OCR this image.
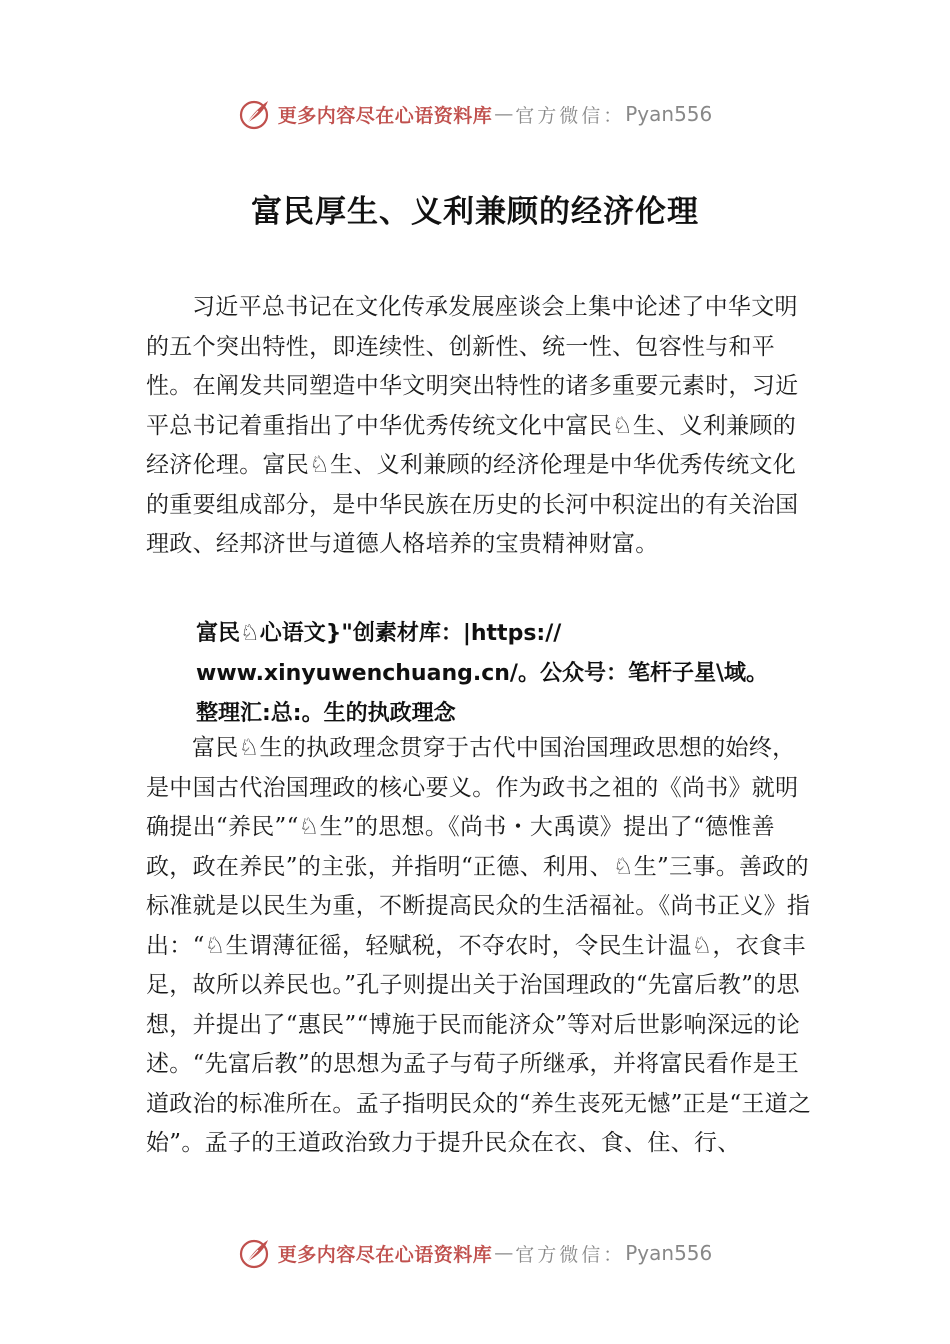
更多内容尽在心语资料库 — 官方微信： Pyan556
富民厚生、义利兼顾的经济伦理
习近平总书记在文化传承发展座谈会上集中论述了中华文明的五个突出特性，即连续性、创新性、统一性、包容性与和平性。在阐发共同塑造中华文明突出特性的诸多重要元素时，习近平总书记着重指出了中华优秀传统文化中富民♘生、义利兼顾的经济伦理。富民♘生、义利兼顾的经济伦理是中华优秀传统文化的重要组成部分，是中华民族在历史的长河中积淀出的有关治国理政、经邦济世与道德人格培养的宝贵精神财富。
富民♘心语文}"创素材库：|https://
www.xinyuwenchuang.cn/。公众号：笔杆子星\域。
整理汇:总:。生的执政理念
富民♘生的执政理念贯穿于古代中国治国理政思想的始终，是中国古代治国理政的核心要义。作为政书之祖的《尚书》就明确提出“养民”“♘生”的思想。《尚书・大禹谟》提出了“德惟善政，政在养民”的主张，并指明“正德、利用、♘生”三事。善政的标准就是以民生为重，不断提高民众的生活福祉。《尚书正义》指出：“♘生谓薄征徭，轻赋税，不夺农时，令民生计温♘，衣食丰足，故所以养民也。”孔子则提出关于治国理政的“先富后教”的思想，并提出了“惠民”“博施于民而能济众”等对后世影响深远的论述。“先富后教”的思想为孟子与荀子所继承，并将富民看作是王道政治的标准所在。孟子指明民众的“养生丧死无憾”正是“王道之始”。孟子的王道政治致力于提升民众在衣、食、住、行、
更多内容尽在心语资料库 — 官方微信： Pyan556
